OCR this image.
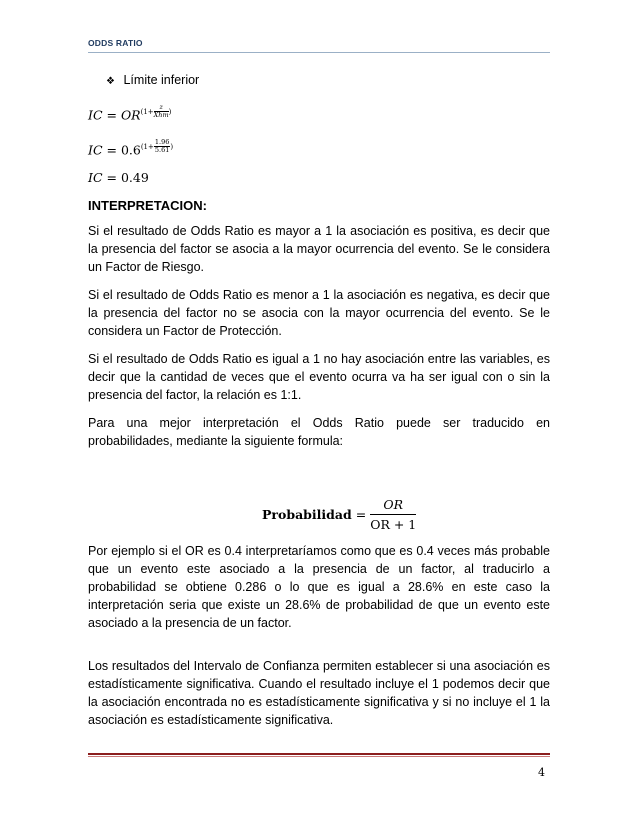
ODDS RATIO
❖ Límite inferior
IC = $OR^{(1+ \frac{z}{\text{Xhm}} )}$
IC = $0.6^{(1+ \frac{1.96}{5.61} )}$
IC = 0.49
INTERPRETACION:
Si el resultado de Odds Ratio es mayor a 1 la asociación es positiva, es decir que la presencia del factor se asocia a la mayor ocurrencia del evento. Se le considera un Factor de Riesgo.
Si el resultado de Odds Ratio es menor a 1 la asociación es negativa, es decir que la presencia del factor no se asocia con la mayor ocurrencia del evento. Se le considera un Factor de Protección.
Si el resultado de Odds Ratio es igual a 1 no hay asociación entre las variables, es decir que la cantidad de veces que el evento ocurra va ha ser igual con o sin la presencia del factor, la relación es 1:1.
Para una mejor interpretación el Odds Ratio puede ser traducido en probabilidades, mediante la siguiente formula:
Probabilidad = $\frac{OR}{OR + 1}$
Por ejemplo si el OR es 0.4 interpretaríamos como que es 0.4 veces más probable que un evento este asociado a la presencia de un factor, al traducirlo a probabilidad se obtiene 0.286 o lo que es igual a 28.6% en este caso la interpretación seria que existe un 28.6% de probabilidad de que un evento este asociado a la presencia de un factor.
Los resultados del Intervalo de Confianza permiten establecer si una asociación es estadísticamente significativa. Cuando el resultado incluye el 1 podemos decir que la asociación encontrada no es estadísticamente significativa y si no incluye el 1 la asociación es estadísticamente significativa.
4
